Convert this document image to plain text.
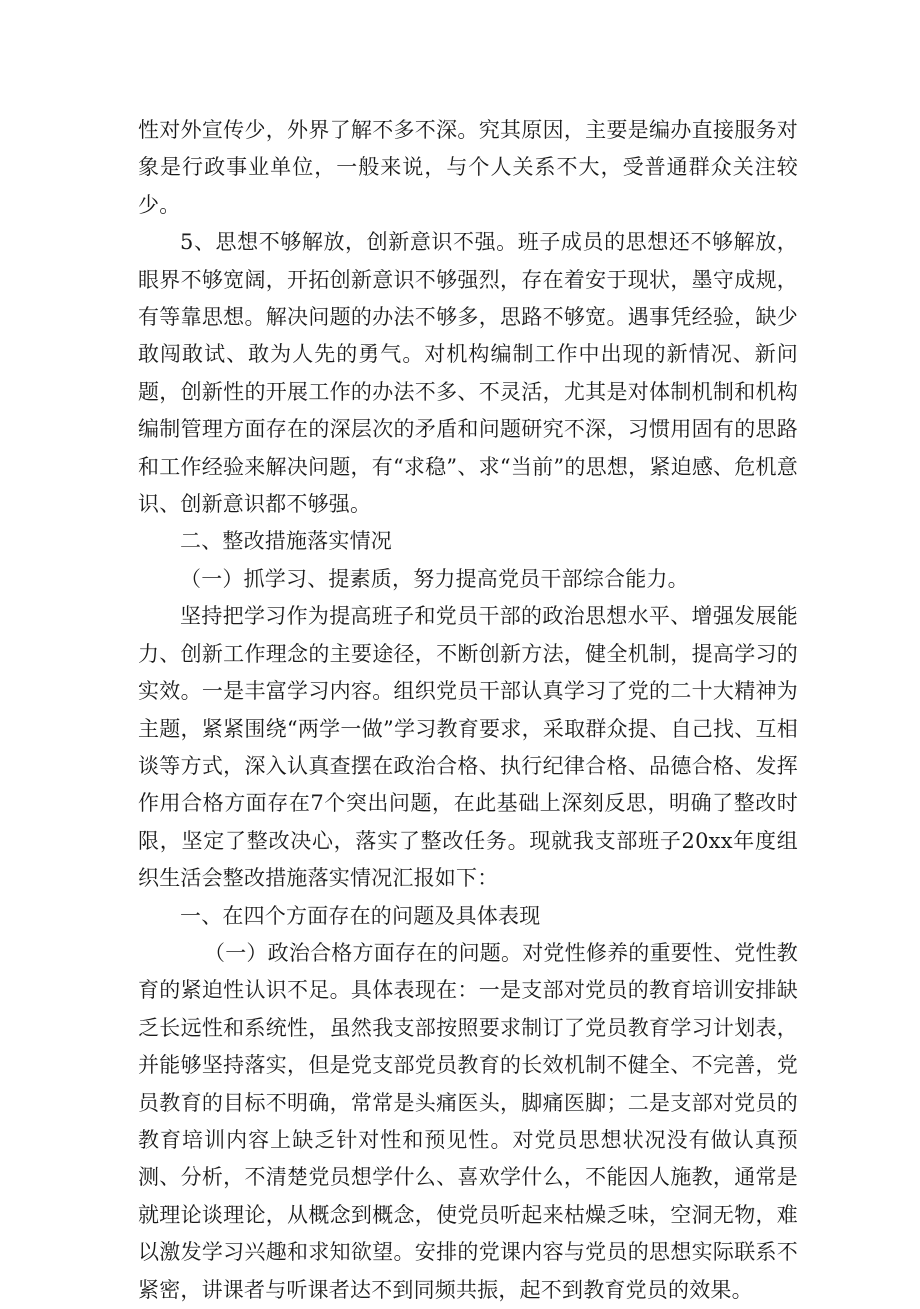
性对外宣传少，外界了解不多不深。究其原因，主要是编办直接服务对象是行政事业单位，一般来说，与个人关系不大，受普通群众关注较少。

5、思想不够解放，创新意识不强。班子成员的思想还不够解放，眼界不够宽阔，开拓创新意识不够强烈，存在着安于现状，墨守成规，有等靠思想。解决问题的办法不够多，思路不够宽。遇事凭经验，缺少敢闯敢试、敢为人先的勇气。对机构编制工作中出现的新情况、新问题，创新性的开展工作的办法不多、不灵活，尤其是对体制机制和机构编制管理方面存在的深层次的矛盾和问题研究不深，习惯用固有的思路和工作经验来解决问题，有“求稳”、求“当前”的思想，紧迫感、危机意识、创新意识都不够强。

二、整改措施落实情况

（一）抓学习、提素质，努力提高党员干部综合能力。

坚持把学习作为提高班子和党员干部的政治思想水平、增强发展能力、创新工作理念的主要途径，不断创新方法，健全机制，提高学习的实效。一是丰富学习内容。组织党员干部认真学习了党的二十大精神为主题，紧紧围绕“两学一做”学习教育要求，采取群众提、自己找、互相谈等方式，深入认真查摆在政治合格、执行纪律合格、品德合格、发挥作用合格方面存在7个突出问题，在此基础上深刻反思，明确了整改时限，坚定了整改决心，落实了整改任务。现就我支部班子20xx年度组织生活会整改措施落实情况汇报如下：

一、在四个方面存在的问题及具体表现

（一）政治合格方面存在的问题。对党性修养的重要性、党性教育的紧迫性认识不足。具体表现在：一是支部对党员的教育培训安排缺乏长远性和系统性，虽然我支部按照要求制订了党员教育学习计划表，并能够坚持落实，但是党支部党员教育的长效机制不健全、不完善，党员教育的目标不明确，常常是头痛医头，脚痛医脚；二是支部对党员的教育培训内容上缺乏针对性和预见性。对党员思想状况没有做认真预测、分析，不清楚党员想学什么、喜欢学什么，不能因人施教，通常是就理论谈理论，从概念到概念，使党员听起来枯燥乏味，空洞无物，难以激发学习兴趣和求知欲望。安排的党课内容与党员的思想实际联系不紧密，讲课者与听课者达不到同频共振，起不到教育党员的效果。
